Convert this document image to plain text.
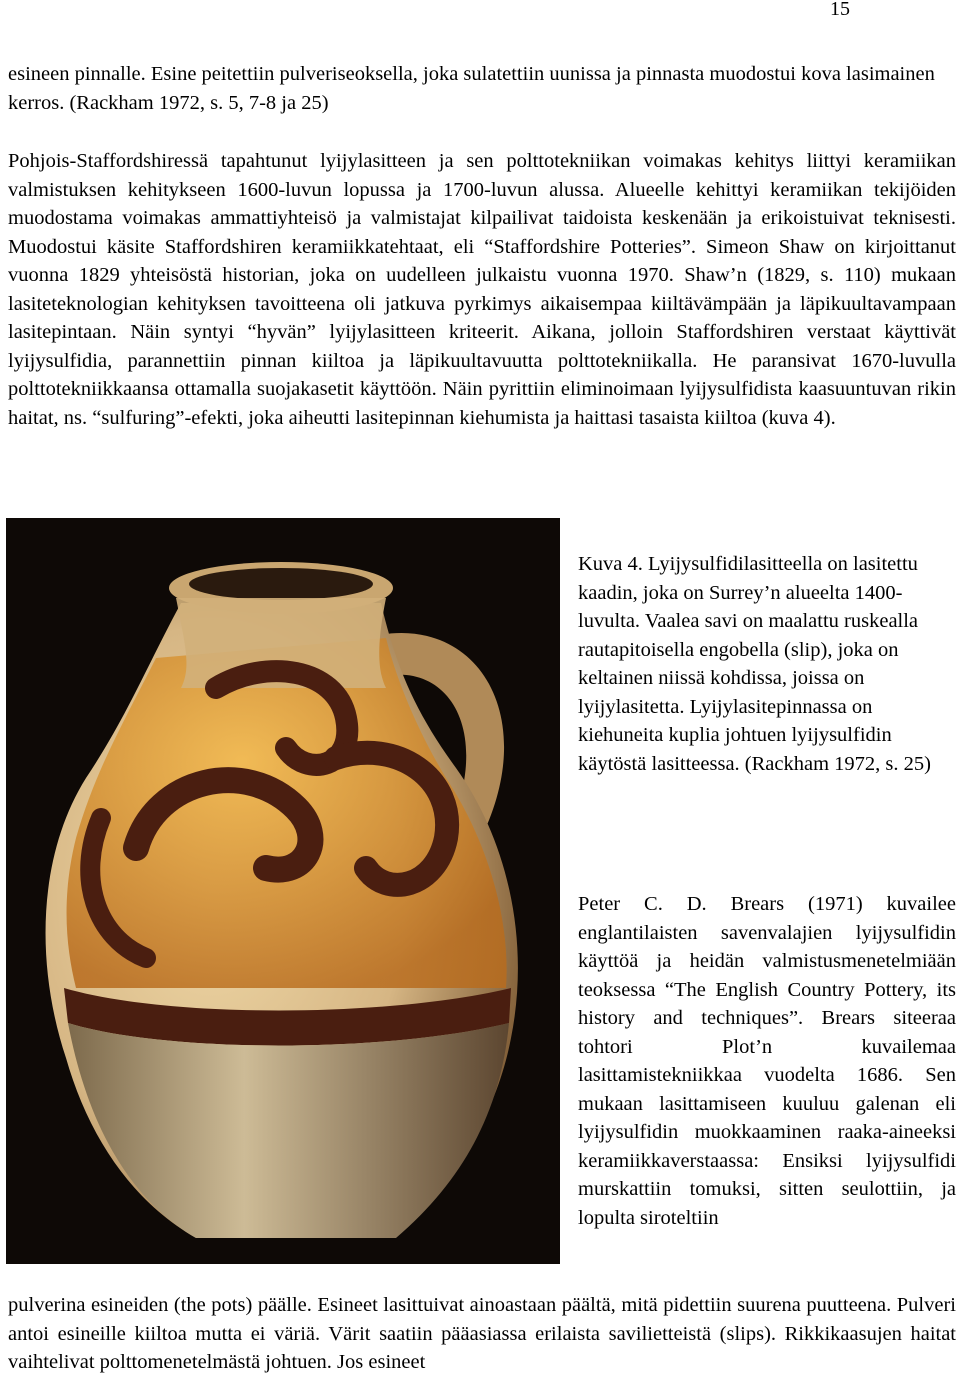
15

esineen pinnalle. Esine peitettiin pulveriseoksella, joka sulatettiin uunissa ja pinnasta muodostui kova lasimainen kerros. (Rackham 1972, s. 5, 7-8 ja 25)

Pohjois-Staffordshiressä tapahtunut lyijylasitteen ja sen polttotekniikan voimakas kehitys liittyi keramiikan valmistuksen kehitykseen 1600-luvun lopussa ja 1700-luvun alussa. Alueelle kehittyi keramiikan tekijöiden muodostama voimakas ammattiyhteisö ja valmistajat kilpailivat taidoista keskenään ja erikoistuivat teknisesti. Muodostui käsite Staffordshiren keramiikkatehtaat, eli “Staffordshire Potteries”. Simeon Shaw on kirjoittanut vuonna 1829 yhteisöstä historian, joka on uudelleen julkaistu vuonna 1970. Shaw’n (1829, s. 110) mukaan lasiteteknologian kehityksen tavoitteena oli jatkuva pyrkimys aikaisempaa kiiltävämpään ja läpikuultavampaan lasitepintaan. Näin syntyi “hyvän” lyijylasitteen kriteerit. Aikana, jolloin Staffordshiren verstaat käyttivät lyijysulfidia, parannettiin pinnan kiiltoa ja läpikuultavuutta polttotekniikalla. He paransivat 1670-luvulla polttotekniikkaansa ottamalla suojakasetit käyttöön. Näin pyrittiin eliminoimaan lyijysulfidista kaasuuntuvan rikin haitat, ns. “sulfuring”-efekti, joka aiheutti lasitepinnan kiehumista ja haittasi tasaista kiiltoa (kuva 4).

Kuva 4. Lyijysulfidilasitteella on lasitettu kaadin, joka on Surrey’n alueelta 1400-luvulta. Vaalea savi on maalattu ruskealla rautapitoisella engobella (slip), joka on keltainen niissä kohdissa, joissa on lyijylasitetta. Lyijylasitepinnassa on kiehuneita kuplia johtuen lyijysulfidin käytöstä lasitteessa. (Rackham 1972, s. 25)

Peter C. D. Brears (1971) kuvailee englantilaisten savenvalajien lyijysulfidin käyttöä ja heidän valmistusmenetelmiään teoksessa “The English Country Pottery, its history and techniques”. Brears siteeraa tohtori Plot’n kuvailemaa lasittamistekniikkaa vuodelta 1686. Sen mukaan lasittamiseen kuuluu galenan eli lyijysulfidin muokkaaminen raaka-aineeksi keramiikkaverstaassa: Ensiksi lyijysulfidi murskattiin tomuksi, sitten seulottiin, ja lopulta siroteltiin

pulverina esineiden (the pots) päälle. Esineet lasittuivat ainoastaan päältä, mitä pidettiin suurena puutteena. Pulveri antoi esineille kiiltoa mutta ei väriä. Värit saatiin pääasiassa erilaista savilietteistä (slips). Rikkikaasujen haitat vaihtelivat polttomenetelmästä johtuen. Jos esineet
